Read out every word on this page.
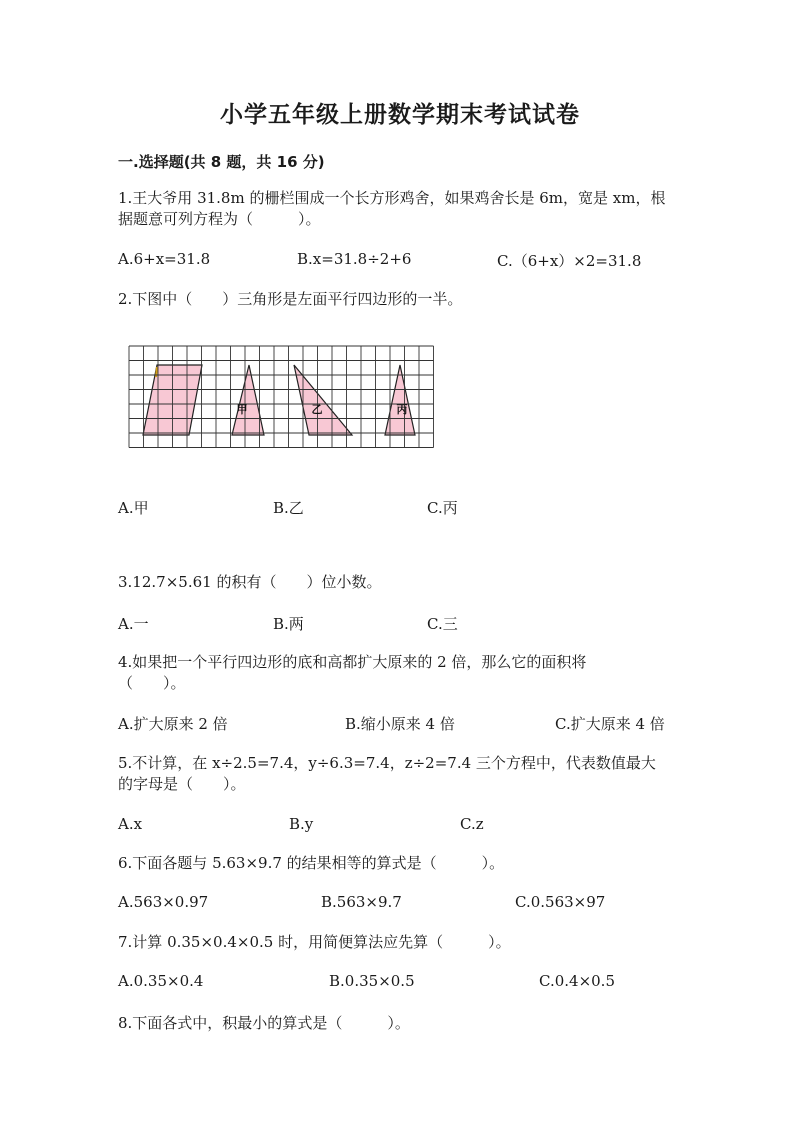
小学五年级上册数学期末考试试卷
一.选择题(共 8 题，共 16 分)
1.王大爷用 31.8m 的栅栏围成一个长方形鸡舍，如果鸡舍长是 6m，宽是 xm，根
据题意可列方程为（　　　）。
A.6+x=31.8	B.x=31.8÷2+6	C.（6+x）×2=31.8
2.下图中（　　）三角形是左面平行四边形的一半。
甲	乙	丙
A.甲	B.乙	C.丙
3.12.7×5.61 的积有（　　）位小数。
A.一	B.两	C.三
4.如果把一个平行四边形的底和高都扩大原来的 2 倍，那么它的面积将
（　　）。
A.扩大原来 2 倍	B.缩小原来 4 倍	C.扩大原来 4 倍
5.不计算，在 x÷2.5=7.4，y÷6.3=7.4，z÷2=7.4 三个方程中，代表数值最大
的字母是（　　）。
A.x	B.y	C.z
6.下面各题与 5.63×9.7 的结果相等的算式是（　　　）。
A.563×0.97	B.563×9.7	C.0.563×97
7.计算 0.35×0.4×0.5 时，用简便算法应先算（　　　）。
A.0.35×0.4	B.0.35×0.5	C.0.4×0.5
8.下面各式中，积最小的算式是（　　　）。
